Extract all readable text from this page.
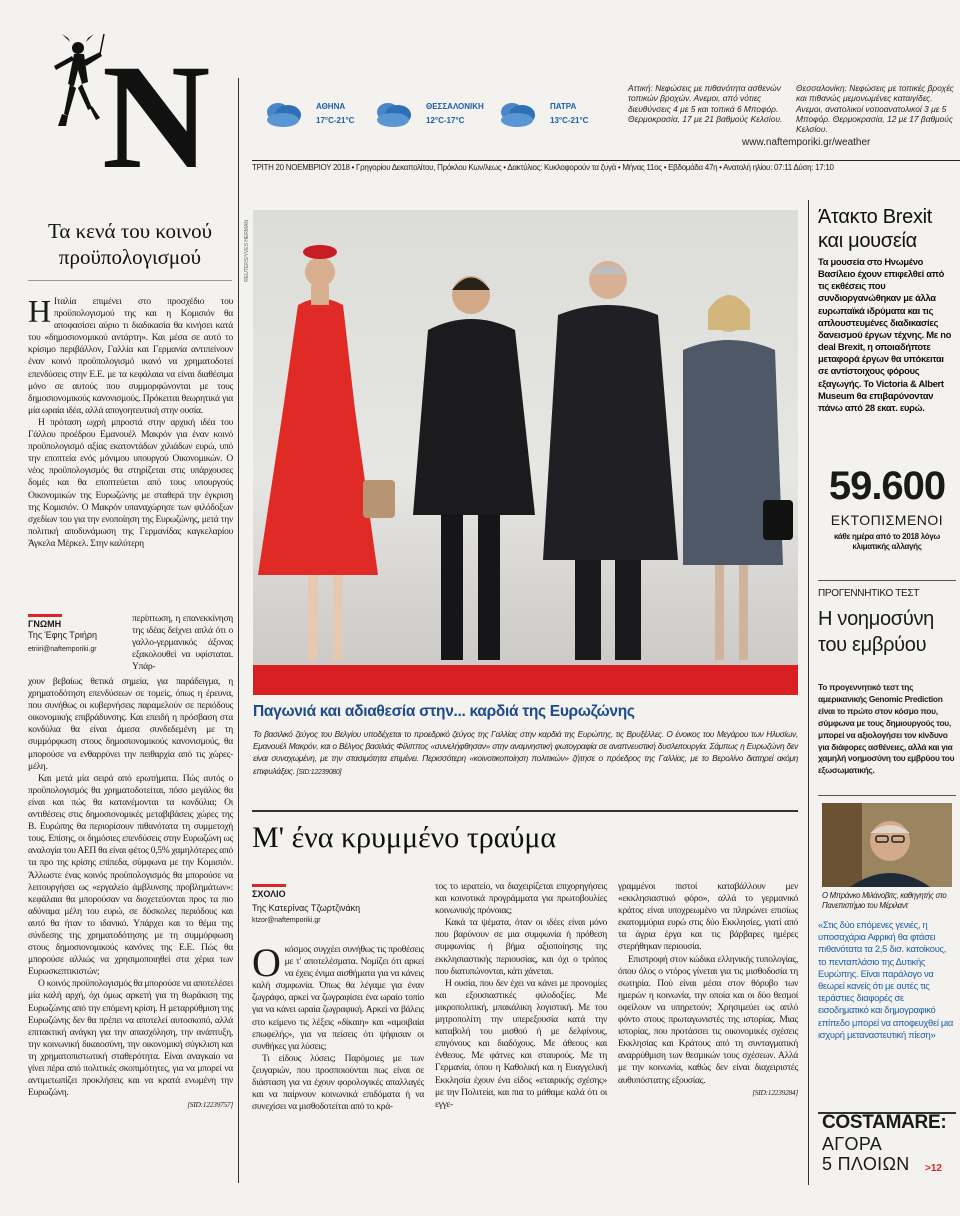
N	ΑΘΗΝΑ
17°C-21°C
ΘΕΣΣΑΛΟΝΙΚΗ
12°C-17°C
ΠΑΤΡΑ
13°C-21°C
Αττική: Νεφώσεις με πιθανότητα ασθενών τοπικών βροχών. Ανεμοι, από νότιες διευθύνσεις 4 με 5 και τοπικά 6 Μποφόρ. Θερμοκρασία, 17 με 21 βαθμούς Κελσίου.
Θεσσαλονίκη: Νεφώσεις με τοπικές βροχές και πιθανώς μεμονωμένες καταιγίδες. Ανεμοι, ανατολικοί νοτιοανατολικοί 3 με 5 Μποφόρ. Θερμοκρασία, 12 με 17 βαθμούς Κελσίου.
www.naftemporiki.gr/weather
ΤΡΙΤΗ 20 ΝΟΕΜΒΡΙΟΥ 2018 • Γρηγορίου Δεκαπολίτου, Πρόκλου Κων/λεως • Δακτύλιος: Κυκλοφορούν τα ζυγά • Μήνας 11ος • Εβδομάδα 47η • Ανατολή ηλίου: 07:11 Δύση: 17:10
Τα κενά του κοινού προϋπολογισμού
Η Ιταλία επιμένει στο προσχέδιο του προϋπολογισμού της και η Κομισιόν θα αποφασίσει αύριο τι διαδικασία θα κινήσει κατά του «δημοσιονομικού αντάρτη». Και μέσα σε αυτό το κρίσιμο περιβάλλον, Γαλλία και Γερμανία αντιπείνουν έναν κοινό προϋπολογισμό ικανό να χρηματοδοτεί επενδύσεις στην Ε.Ε. με τα κεφάλαια να είναι διαθέσιμα μόνο σε αυτούς που συμμορφώνονται με τους δημοσιονομικούς κανονισμούς. Πρόκειται θεωρητικά για μία ωραία ιδέα, αλλά απογοητευτική στην ουσία.

Η πρόταση ωχρή μπροστά στην αρχική ιδέα του Γάλλου προέδρου Εμανουέλ Μακρόν για έναν κοινό προϋπολογισμό αξίας εκατοντάδων χιλιάδων ευρώ, υπό την εποπτεία ενός μόνιμου υπουργού Οικονομικών. Ο νέος προϋπολογισμός θα στηρίζεται στις υπάρχουσες δομές και θα εποπτεύεται από τους υπουργούς Οικονομικών της Ευρωζώνης με σταθερά την έγκριση της Κομισιόν. Ο Μακρόν υπαναχώρησε των φιλόδοξων σχεδίων του για την ενοποίηση της Ευρωζώνης, μετά την πολιτική αποδυνάμωση της Γερμανίδας καγκελαρίου Άγκελα Μέρκελ. Στην καλύτερη

ΓΝΩΜΗ
Της Έφης Τριήρη
etriiri@naftemporiki.gr

περίπτωση, η επανεκκίνηση της ιδέας δείχνει απλά ότι ο γαλλο-γερμανικός άξονας εξακολουθεί να υφίσταται. Υπάρ-

χουν βεβαίως θετικά σημεία, για παράδειγμα, η χρηματοδότηση επενδύσεων σε τομείς, όπως η έρευνα, που συνήθως οι κυβερνήσεις παραμελούν σε περιόδους οικονομικής επιβράδυνσης. Και επειδή η πρόσβαση στα κονδύλια θα είναι άμεσα συνδεδεμένη με τη συμμόρφωση στους δημοσιονομικούς κανονισμούς, θα μπορούσε να ενθαρρύνει την πειθαρχία από τις χώρες-μέλη.

Και μετά μία σειρά από ερωτήματα. Πώς αυτός ο προϋπολογισμός θα χρηματοδοτείται, πόσο μεγάλος θα είναι και πώς θα κατανέμονται τα κονδύλια; Οι αντιθέσεις στις δημοσιονομικές μεταβιβάσεις χώρες της Β. Ευρώπης θα περιορίσουν πιθανότατα τη συμμετοχή τους. Επίσης, οι δημόσιες επενδύσεις στην Ευρωζώνη ως αναλογία του ΑΕΠ θα είναι φέτος 0,5% χαμηλότερες από τα προ της κρίσης επίπεδα, σύμφωνα με την Κομισιόν. Άλλωστε ένας κοινός προϋπολογισμός θα μπορούσε να λειτουργήσει ως «εργαλείο άμβλυνσης προβλημάτων»: κεφάλαια θα μπορούσαν να διοχετεύονται προς τα πιο αδύναμα μέλη του ευρώ, σε δύσκολες περιόδους και αυτό θα ήταν το ιδανικό. Υπάρχει και το θέμα της σύνδεσης της χρηματοδότησης με τη συμμόρφωση στους δημοσιονομικούς κανόνες της Ε.Ε. Πώς θα μπορούσε αλλιώς να χρησιμοποιηθεί στα χέρια των Ευρωσκεπτικιστών;

Ο κοινός προϋπολογισμός θα μπορούσε να αποτελέσει μία καλή αρχή, όχι όμως αρκετή για τη θωράκιση της Ευρωζώνης από την επόμενη κρίση. Η μεταρρύθμιση της Ευρωζώνης δεν θα πρέπει να αποτελεί αυτοσκοπό, αλλά επιτακτική ανάγκη για την απασχόληση, την ανάπτυξη, την κοινωνική δικαιοσύνη, την οικονομική σύγκλιση και τη χρηματοπιστωτική σταθερότητα. Είναι αναγκαίο να γίνει πέρα από πολιτικές σκοπιμότητες, για να μπορεί να αντιμετωπίζει προκλήσεις και να κρατά ενωμένη την Ευρωζώνη.

[SID:12239757]
REUTERS/YVES HERMAN
Παγωνιά και αδιαθεσία στην... καρδιά της Ευρωζώνης
Το βασιλικό ζεύγος του Βελγίου υποδέχεται το προεδρικό ζεύγος της Γαλλίας στην καρδιά της Ευρώπης, τις Βρυξέλλες. Ο ένοικος του Μεγάρου των Ηλυσίων, Εμανουέλ Μακρόν, και ο Βέλγος βασιλιάς Φίλιππος «συνελήφθησαν» στην αναμνηστική φωτογραφία σε αναπνευστική δυσλειτουργία. Σάμπως η Ευρωζώνη δεν είναι συναχωμένη, με την στασιμότητα επιμένει. Περισσότερη «κοινοτικοποίηση πολιτικών» ζήτησε ο πρόεδρος της Γαλλίας, με το Βερολίνο διατηρεί ακόμη επιφυλάξεις. [SID:12239080]
Μ' ένα κρυμμένο τραύμα
ΣΧΟΛΙΟ
Της Κατερίνας Τζωρτζινάκη
ktzor@naftemporiki.gr
Ο κόσμος συγχέει συνήθως τις προθέσεις με τ' αποτελέσματα. Νομίζει ότι αρκεί να έχεις ένιμα αισθήματα για να κάνεις καλή συμφωνία. Όπως θα λέγαμε για έναν ζωγράφο, αρκεί να ζωγραφίσει ένα ωραίο τοπίο για να κάνει ωραία ζωγραφική. Αρκεί να βάλεις στο κείμενο τις λέξεις «δίκαιη» και «αμοιβαία επωφελής», για να πείσεις ότι ψήφισαν οι συνθήκες για λύσεις;

Τι είδους λύσεις; Παρόμοιες με των ζευγαριών, που προσποιούνται πως είναι σε διάσταση για να έχουν φορολογικές απαλλαγές και να παίρνουν κοινωνικά επιδόματα ή να συνεχίσει να μισθοδοτείται από το κρά-

τος το ιερατείο, να διαχειρίζεται επιχορηγήσεις και κοινοτικά προγράμματα για πρωτοβουλίες κοινωνικής πρόνοιας;

Κακά τα ψέματα, όταν οι ιδέες είναι μόνο που βαρύνουν σε μια συμφωνία ή πρόθεση συμφωνίας ή βήμα αξιοποίησης της εκκλησιαστικής περιουσίας, και όχι ο τρόπος που διατυπώνονται, κάτι χάνεται.

Η ουσία, που δεν έχει να κάνει με προνομίες και εξουσιαστικές φιλοδοξίες. Με μικροπολιτική, μπακάλικη λογιστική. Με του μητροπολίτη την υπερεξουσία κατά την καταβολή του μισθού ή με δελφίνους, επιγόνους και διαδόχους. Με άθεους και ένθεους. Με φάτνες και σταυρούς. Με τη Γερμανία, όπου η Καθολική και η Ευαγγελική Εκκλησία έχουν ένα είδος «εταιρικής σχέσης» με την Πολιτεία, και πια το μάθαμε καλά ότι οι εγγε-

γραμμένοι πιστοί καταβάλλουν μεν «εκκλησιαστικό φόρο», αλλά το γερμανικό κράτος είναι υποχρεωμένο να πληρώνει επισίως εκατομμύρια ευρώ στις δύο Εκκλησίες, γιατί από τα άγρια έργα και τις βάρβαρες ημέρες στερήθηκαν περιουσία.

Επιστροφή στον κώδικα ελληνικής τυπολογίας, όπου όλος ο ντόρος γίνεται για τις μισθοδοσία τη σωτηρία. Πού είναι μέσα στον θόρυβο των ημερών η κοινωνία, την οποία και οι δύο θεσμοί οφείλουν να υπηρετούν; Χρησιμεύει ως απλό φόντο στους πρωταγωνιστές της ιστορίας. Μιας ιστορίας, που προτάσσει τις οικονομικές σχέσεις Εκκλησίας και Κράτους από τη συνταγματική αναρρύθμιση των θεσμικών τους σχέσεων. Αλλά με την κοινωνία, καθώς δεν είναι διαχειριστές αυθυπόστατης εξουσίας.

[SID:12239284]
Άτακτο Brexit
και μουσεία
Τα μουσεία στο Ηνωμένο Βασίλειο έχουν επιφελθεί από τις εκθέσεις που συνδιοργανώθηκαν με άλλα ευρωπαϊκά ιδρύματα και τις απλουστευμένες διαδικασίες δανεισμού έργων τέχνης. Με no deal Brexit, η οποιαδήποτε μεταφορά έργων θα υπόκειται σε αντίστοιχους φόρους εξαγωγής. Το Victoria & Albert Museum θα επιβαρύνονταν πάνω από 28 εκατ. ευρώ.
59.600
ΕΚΤΟΠΙΣΜΕΝΟΙ
κάθε ημέρα από το 2018 λόγω κλιματικής αλλαγής
ΠΡΟΓΕΝΝΗΤΙΚΟ ΤΕΣΤ
Η νοημοσύνη
του εμβρύου
Το προγεννητικό τεστ της αμερικανικής Genomic Prediction είναι το πρώτο στον κόσμο που, σύμφωνα με τους δημιουργούς του, μπορεί να αξιολογήσει τον κίνδυνο για διάφορες ασθένειες, αλλά και για χαμηλή νοημοσύνη του εμβρύου του εξωσωματικής.
Ο Μπράνκο Μιλάνοβιτς, καθηγητής στο Πανεπιστήμιο του Μέριλαντ
«Στις δύο επόμενες γενιές, η υποσαχάρια Αφρική θα φτάσει πιθανότατα τα 2,5 δισ. κατοίκους, το πενταπλάσιο της Δυτικής Ευρώπης. Είναι παράλογο να θεωρεί κανείς ότι με αυτές τις τεράστιες διαφορές σε εισοδηματικό και δημογραφικό επίπεδο μπορεί να αποφευχθεί μια ισχυρή μεταναστευτική πίεση»
COSTAMARE:
ΑΓΟΡΑ
5 ΠΛΟΙΩΝ >12
